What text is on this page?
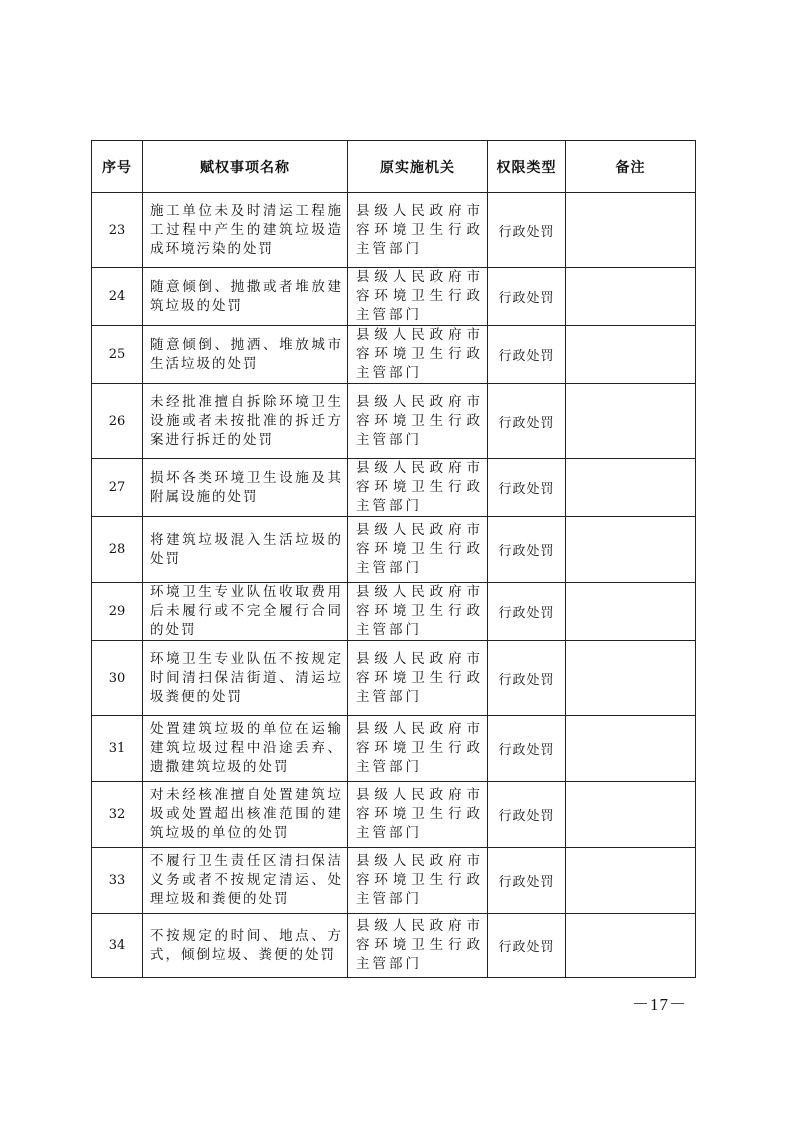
序号	赋权事项名称	原实施机关	权限类型	备注
23	施工单位未及时清运工程施工过程中产生的建筑垃圾造成环境污染的处罚	县级人民政府市容环境卫生行政主管部门	行政处罚	
24	随意倾倒、抛撒或者堆放建筑垃圾的处罚	县级人民政府市容环境卫生行政主管部门	行政处罚	
25	随意倾倒、抛洒、堆放城市生活垃圾的处罚	县级人民政府市容环境卫生行政主管部门	行政处罚	
26	未经批准擅自拆除环境卫生设施或者未按批准的拆迁方案进行拆迁的处罚	县级人民政府市容环境卫生行政主管部门	行政处罚	
27	损坏各类环境卫生设施及其附属设施的处罚	县级人民政府市容环境卫生行政主管部门	行政处罚	
28	将建筑垃圾混入生活垃圾的处罚	县级人民政府市容环境卫生行政主管部门	行政处罚	
29	环境卫生专业队伍收取费用后未履行或不完全履行合同的处罚	县级人民政府市容环境卫生行政主管部门	行政处罚	
30	环境卫生专业队伍不按规定时间清扫保洁街道、清运垃圾粪便的处罚	县级人民政府市容环境卫生行政主管部门	行政处罚	
31	处置建筑垃圾的单位在运输建筑垃圾过程中沿途丢弃、遗撒建筑垃圾的处罚	县级人民政府市容环境卫生行政主管部门	行政处罚	
32	对未经核准擅自处置建筑垃圾或处置超出核准范围的建筑垃圾的单位的处罚	县级人民政府市容环境卫生行政主管部门	行政处罚	
33	不履行卫生责任区清扫保洁义务或者不按规定清运、处理垃圾和粪便的处罚	县级人民政府市容环境卫生行政主管部门	行政处罚	
34	不按规定的时间、地点、方式，倾倒垃圾、粪便的处罚	县级人民政府市容环境卫生行政主管部门	行政处罚	
－17－
